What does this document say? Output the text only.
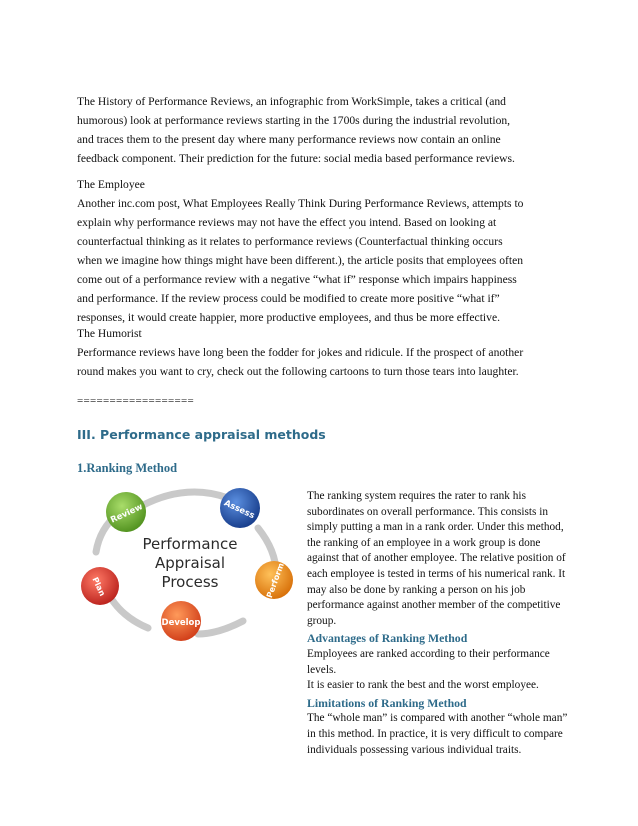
The History of Performance Reviews, an infographic from WorkSimple, takes a critical (and
humorous) look at performance reviews starting in the 1700s during the industrial revolution,
and traces them to the present day where many performance reviews now contain an online
feedback component. Their prediction for the future: social media based performance reviews.

The Employee
Another inc.com post, What Employees Really Think During Performance Reviews, attempts to
explain why performance reviews may not have the effect you intend. Based on looking at
counterfactual thinking as it relates to performance reviews (Counterfactual thinking occurs
when we imagine how things might have been different.), the article posits that employees often
come out of a performance review with a negative “what if” response which impairs happiness
and performance. If the review process could be modified to create more positive “what if”
responses, it would create happier, more productive employees, and thus be more effective.

The Humorist
Performance reviews have long been the fodder for jokes and ridicule. If the prospect of another
round makes you want to cry, check out the following cartoons to turn those tears into laughter.

==================
III. Performance appraisal methods
1.Ranking Method
Performance
Appraisal
Process
Review	Assess
Perform
Develop
Plan
The ranking system requires the rater to rank his
subordinates on overall performance. This consists in
simply putting a man in a rank order. Under this method,
the ranking of an employee in a work group is done
against that of another employee. The relative position of
each employee is tested in terms of his numerical rank. It
may also be done by ranking a person on his job
performance against another member of the competitive
group.
Advantages of Ranking Method
Employees are ranked according to their performance
levels.
It is easier to rank the best and the worst employee.
Limitations of Ranking Method
The “whole man” is compared with another “whole man”
in this method. In practice, it is very difficult to compare
individuals possessing various individual traits.
